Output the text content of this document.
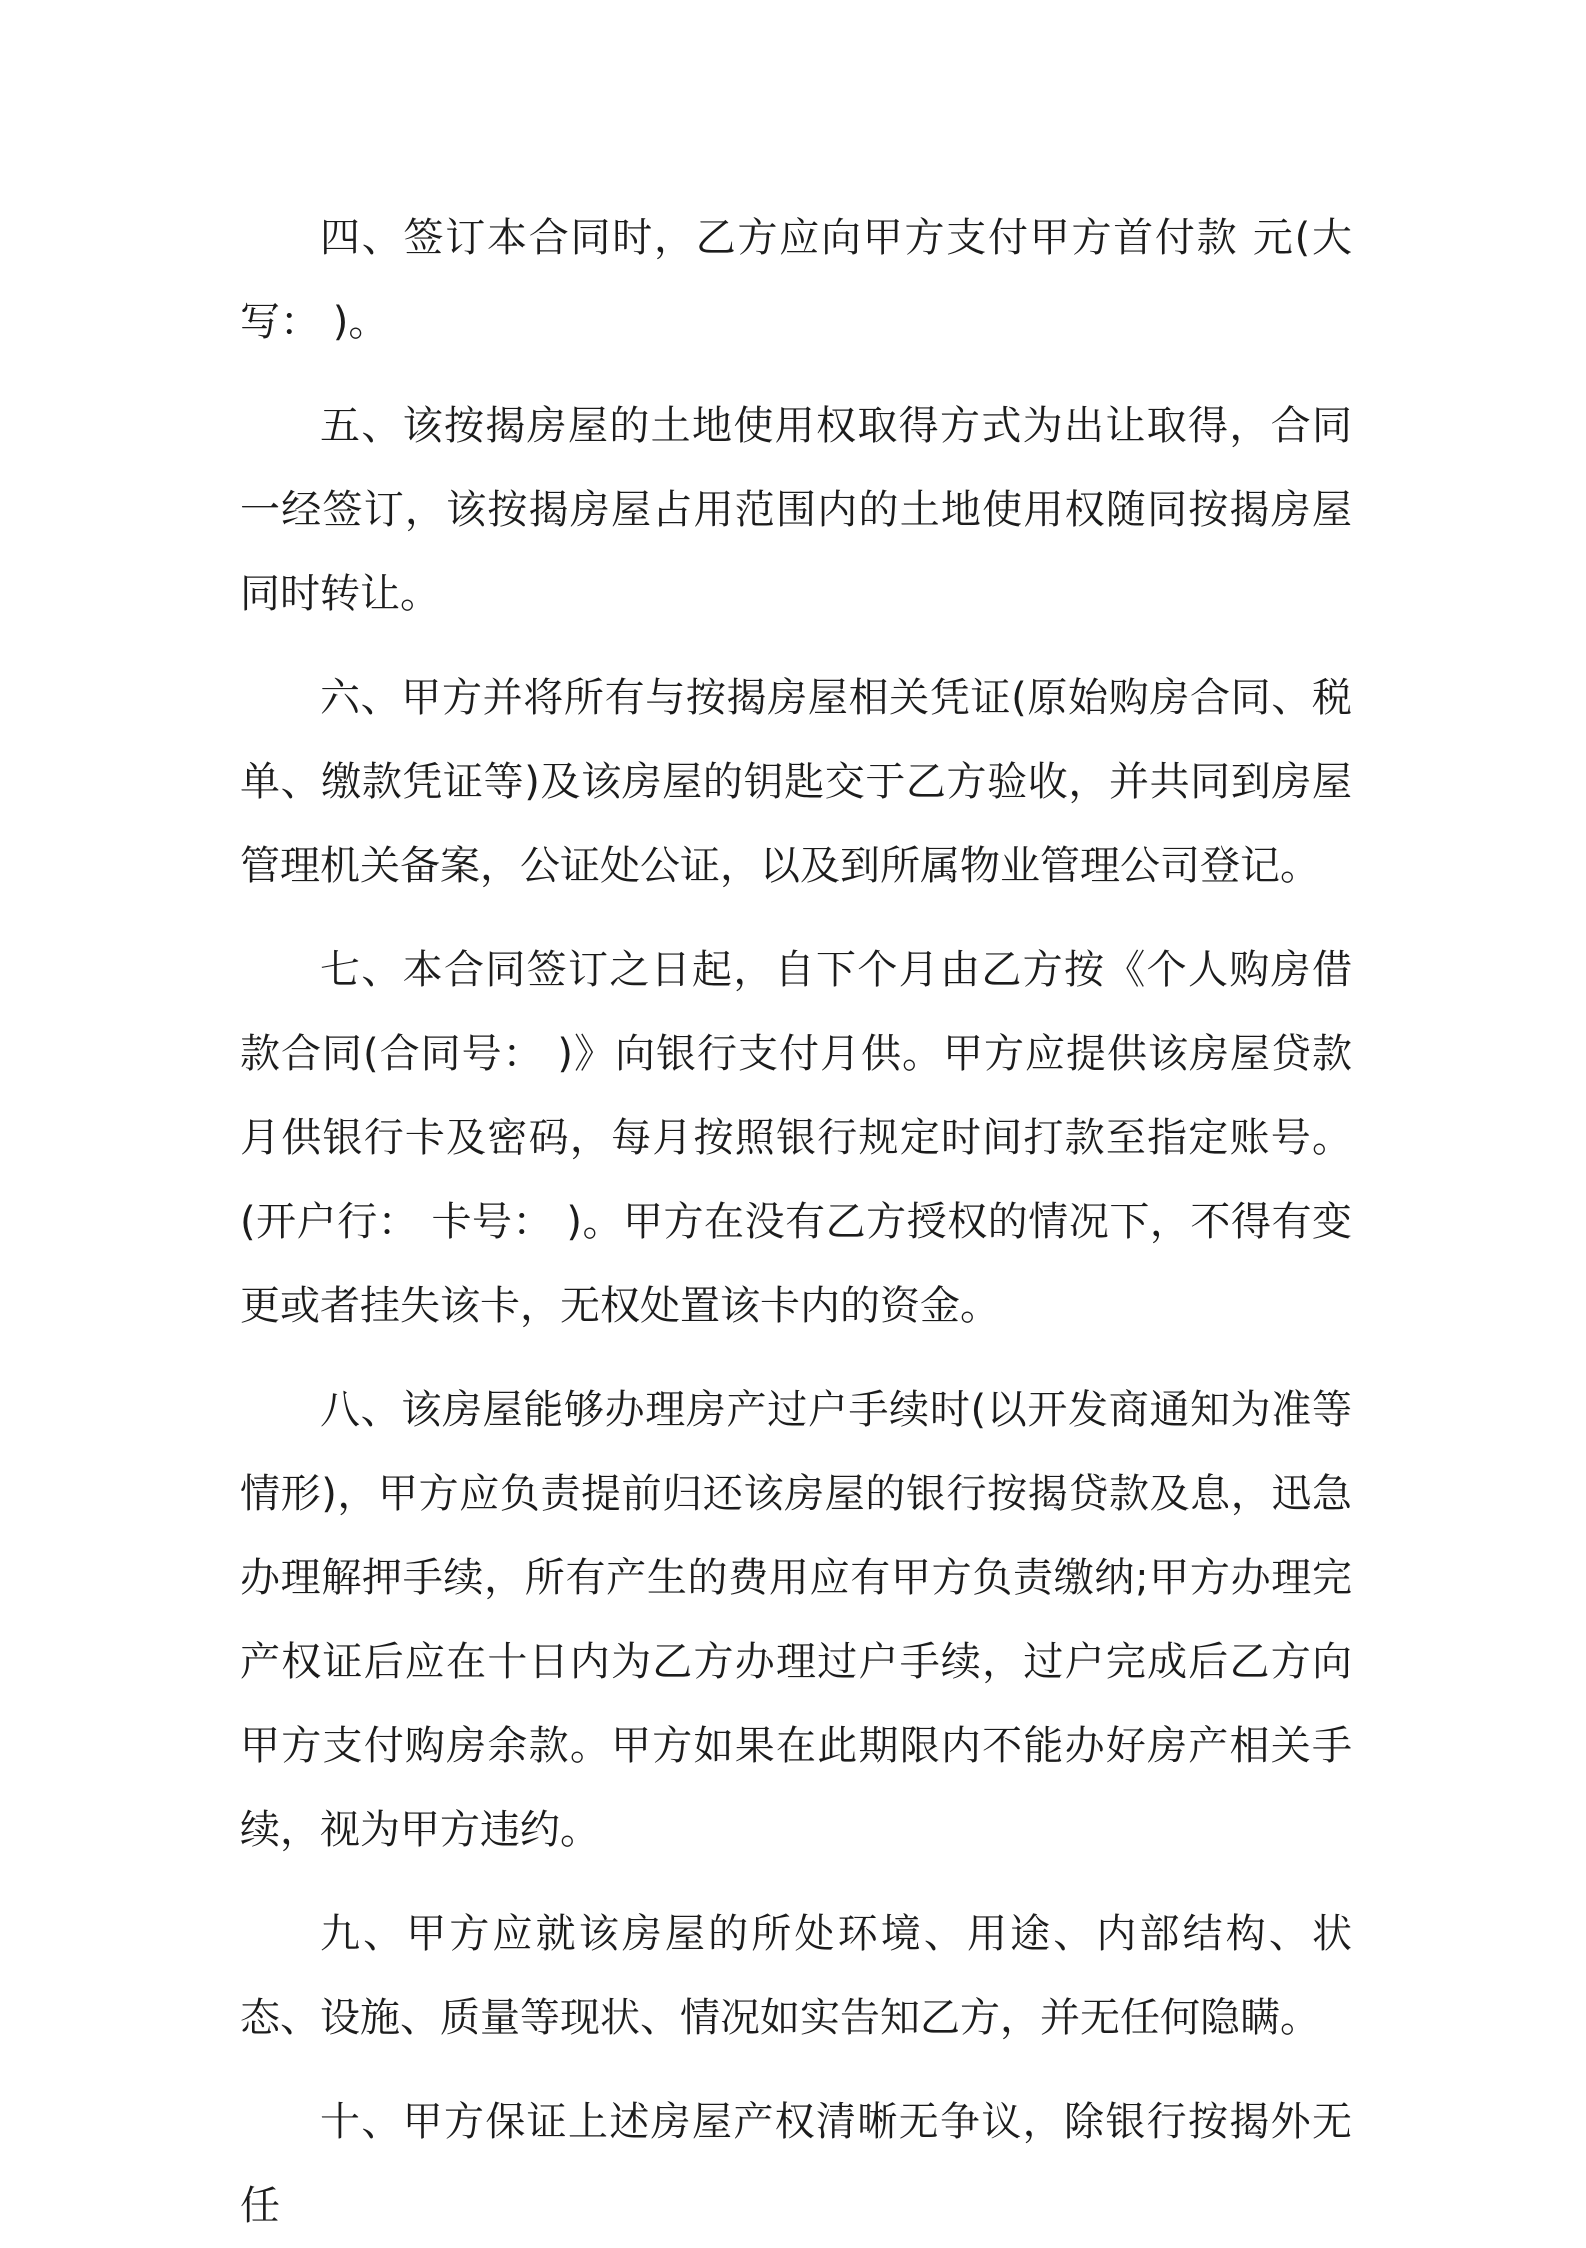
四、签订本合同时，乙方应向甲方支付甲方首付款 元(大写： )。

五、该按揭房屋的土地使用权取得方式为出让取得，合同一经签订，该按揭房屋占用范围内的土地使用权随同按揭房屋同时转让。

六、甲方并将所有与按揭房屋相关凭证(原始购房合同、税单、缴款凭证等)及该房屋的钥匙交于乙方验收，并共同到房屋管理机关备案，公证处公证，以及到所属物业管理公司登记。

七、本合同签订之日起，自下个月由乙方按《个人购房借款合同(合同号： )》向银行支付月供。甲方应提供该房屋贷款月供银行卡及密码，每月按照银行规定时间打款至指定账号。(开户行： 卡号： )。甲方在没有乙方授权的情况下，不得有变更或者挂失该卡，无权处置该卡内的资金。

八、该房屋能够办理房产过户手续时(以开发商通知为准等情形)，甲方应负责提前归还该房屋的银行按揭贷款及息，迅急办理解押手续，所有产生的费用应有甲方负责缴纳;甲方办理完产权证后应在十日内为乙方办理过户手续，过户完成后乙方向甲方支付购房余款。甲方如果在此期限内不能办好房产相关手续，视为甲方违约。

九、甲方应就该房屋的所处环境、用途、内部结构、状态、设施、质量等现状、情况如实告知乙方，并无任何隐瞒。

十、甲方保证上述房屋产权清晰无争议，除银行按揭外无任
